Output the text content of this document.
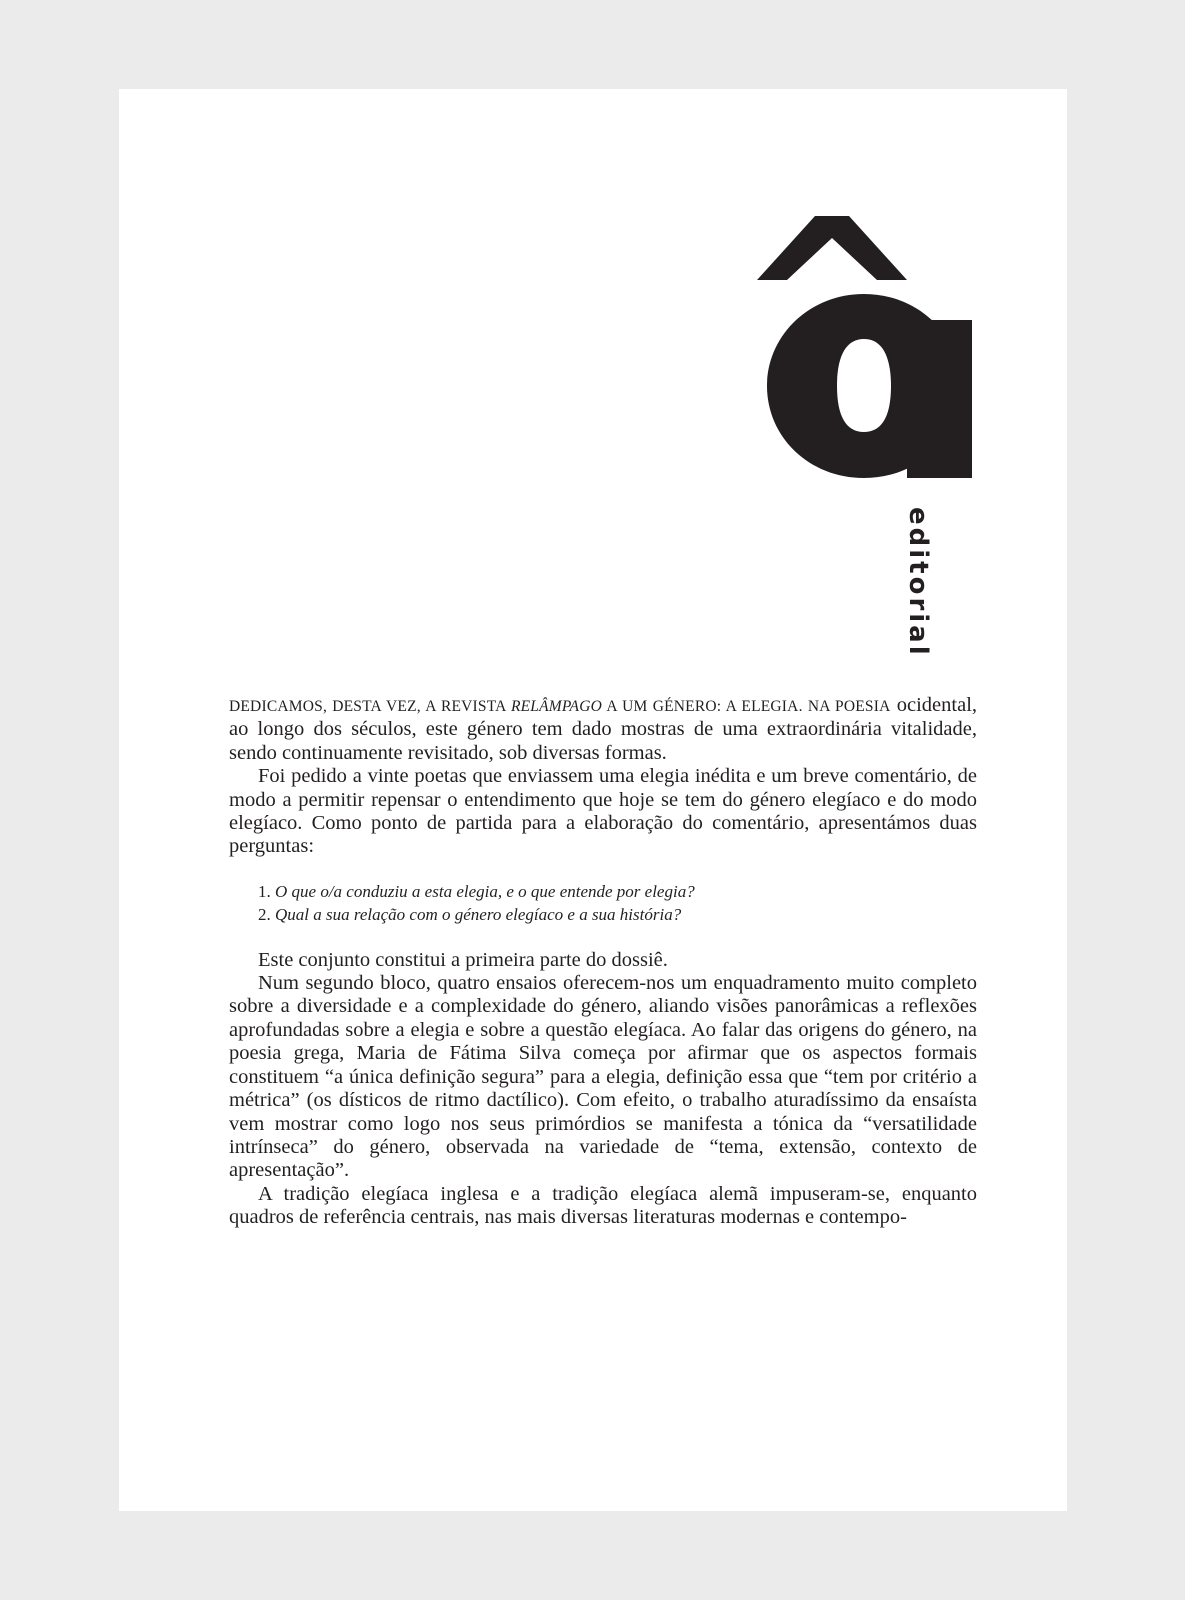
editorial

DEDICAMOS, DESTA VEZ, A REVISTA RELÂMPAGO A UM GÉNERO: A ELEGIA. NA POESIA ocidental, ao longo dos séculos, este género tem dado mostras de uma extraordinária vitalidade, sendo continuamente revisitado, sob diversas formas.

Foi pedido a vinte poetas que enviassem uma elegia inédita e um breve comentário, de modo a permitir repensar o entendimento que hoje se tem do género elegíaco e do modo elegíaco. Como ponto de partida para a elaboração do comentário, apresentámos duas perguntas:

1. O que o/a conduziu a esta elegia, e o que entende por elegia?
2. Qual a sua relação com o género elegíaco e a sua história?

Este conjunto constitui a primeira parte do dossiê.

Num segundo bloco, quatro ensaios oferecem-nos um enquadramento muito completo sobre a diversidade e a complexidade do género, aliando visões panorâmicas a reflexões aprofundadas sobre a elegia e sobre a questão elegíaca. Ao falar das origens do género, na poesia grega, Maria de Fátima Silva começa por afirmar que os aspectos formais constituem “a única definição segura” para a elegia, definição essa que “tem por critério a métrica” (os dísticos de ritmo dactílico). Com efeito, o trabalho aturadíssimo da ensaísta vem mostrar como logo nos seus primórdios se manifesta a tónica da “versatilidade intrínseca” do género, observada na variedade de “tema, extensão, contexto de apresentação”.

A tradição elegíaca inglesa e a tradição elegíaca alemã impuseram-se, enquanto quadros de referência centrais, nas mais diversas literaturas modernas e contempo-
